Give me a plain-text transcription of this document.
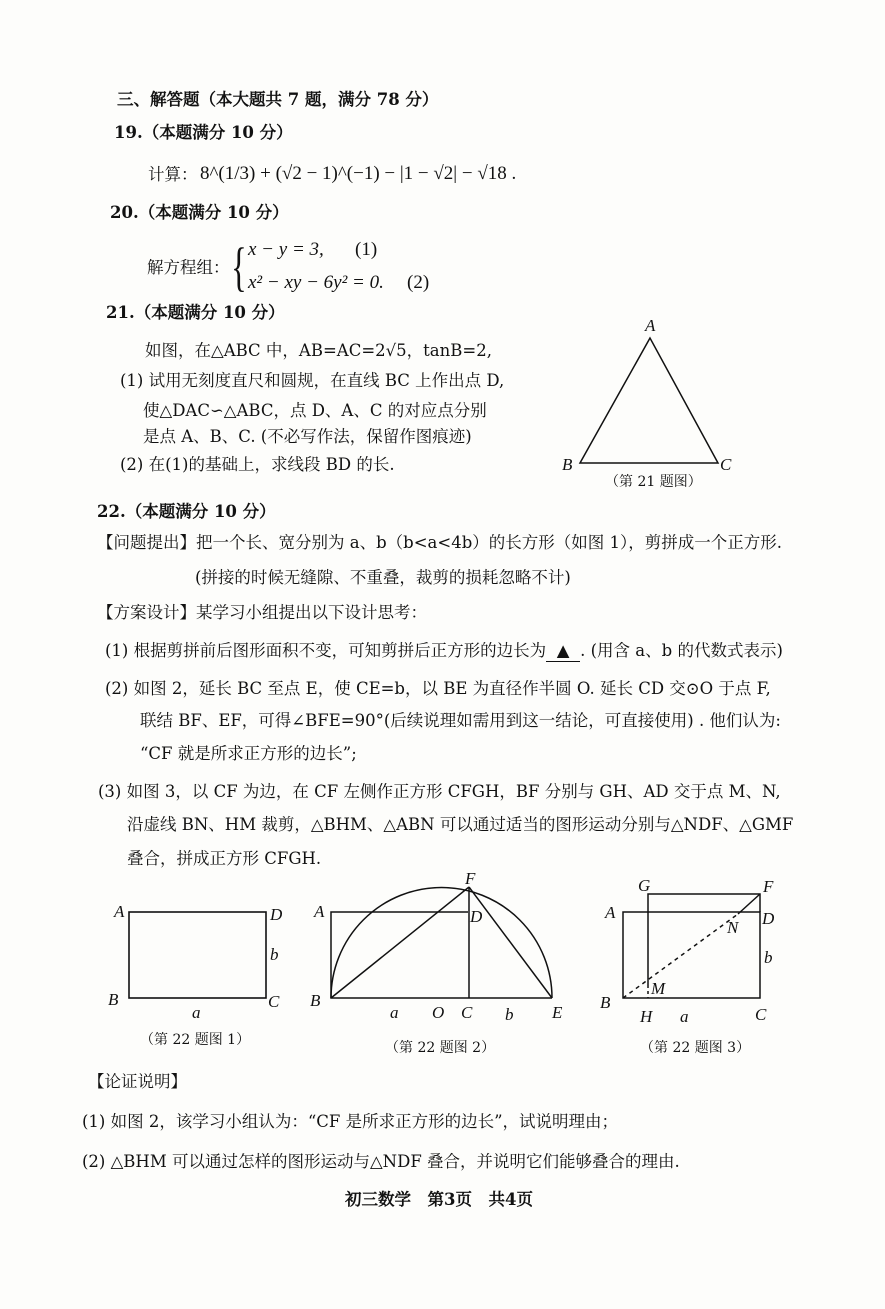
三、解答题（本大题共 7 题，满分 78 分）
19.（本题满分 10 分）
计算： 8^(1/3) + (√2 − 1)^(−1) − |1 − √2| − √18 .
20.（本题满分 10 分）
解方程组： { x − y = 3, (1)
x² − xy − 6y² = 0. (2)
21.（本题满分 10 分）
如图，在△ABC 中，AB=AC=2√5，tanB=2,
(1) 试用无刻度直尺和圆规，在直线 BC 上作出点 D,
使△DAC∽△ABC，点 D、A、C 的对应点分别
是点 A、B、C. (不必写作法，保留作图痕迹)
(2) 在(1)的基础上，求线段 BD 的长.
A
B	C
（第 21 题图）
A	D
B	C
b
a
（第 22 题图 1）
A	D
B
C	E
F
O
a	b
（第 22 题图 2）
A	D
B
C
F
G
H
M
N
a
b
（第 22 题图 3）
22.（本题满分 10 分）
【问题提出】把一个长、宽分别为 a、b（b<a<4b）的长方形（如图 1），剪拼成一个正方形.
(拼接的时候无缝隙、不重叠，裁剪的损耗忽略不计)
【方案设计】某学习小组提出以下设计思考：
(1) 根据剪拼前后图形面积不变，可知剪拼后正方形的边长为 ▲ . (用含 a、b 的代数式表示)
(2) 如图 2，延长 BC 至点 E，使 CE=b，以 BE 为直径作半圆 O. 延长 CD 交⊙O 于点 F,
联结 BF、EF，可得∠BFE=90°(后续说理如需用到这一结论，可直接使用) . 他们认为:
“CF 就是所求正方形的边长”;
(3) 如图 3，以 CF 为边，在 CF 左侧作正方形 CFGH，BF 分别与 GH、AD 交于点 M、N,
沿虚线 BN、HM 裁剪，△BHM、△ABN 可以通过适当的图形运动分别与△NDF、△GMF
叠合，拼成正方形 CFGH.
【论证说明】
(1) 如图 2，该学习小组认为：“CF 是所求正方形的边长”，试说明理由；
(2) △BHM 可以通过怎样的图形运动与△NDF 叠合，并说明它们能够叠合的理由.
初三数学　第3页　共4页
